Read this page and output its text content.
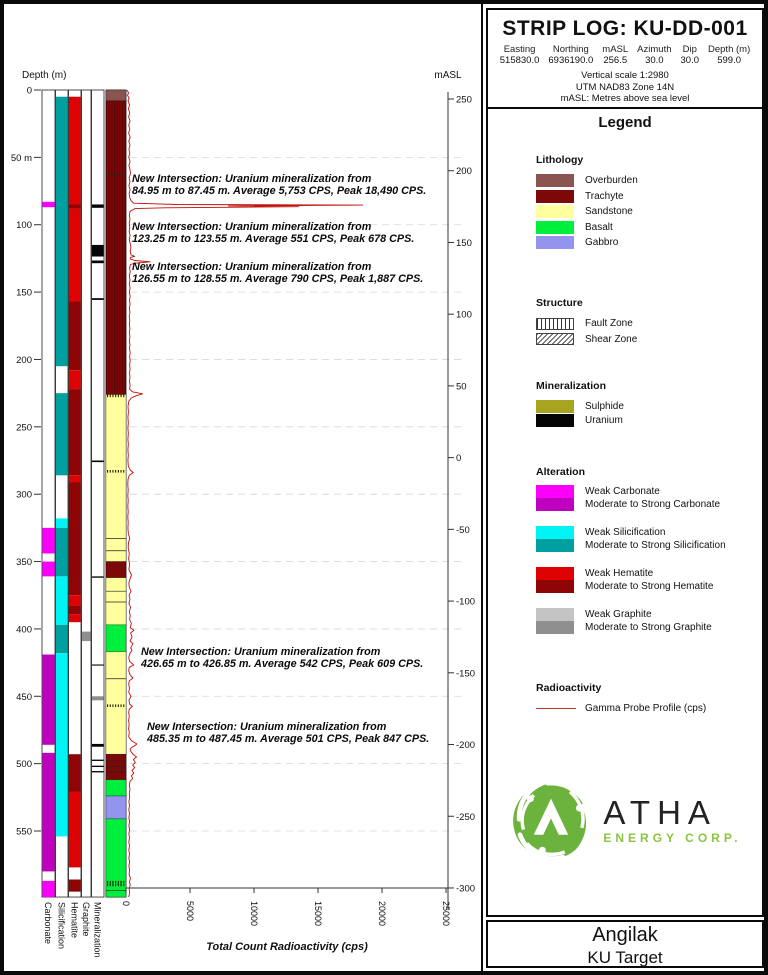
Depth (m)
0
50 m
100
150
200
250
300
350
400
450
500
550
mASL
250
200
150
100
50
0
-50
-100
-150
-200
-250
-300
0	5000	10000	15000	20000	25000
Total Count Radioactivity (cps)
Carbonate Silicification Hematite Graphite Mineralization
New Intersection: Uranium mineralization from 84.95 m to 87.45 m. Average 5,753 CPS, Peak 18,490 CPS.
New Intersection: Uranium mineralization from 123.25 m to 123.55 m. Average 551 CPS, Peak 678 CPS.
New Intersection: Uranium mineralization from 126.55 m to 128.55 m. Average 790 CPS, Peak 1,887 CPS.
New Intersection: Uranium mineralization from 426.65 m to 426.85 m. Average 542 CPS, Peak 609 CPS.
New Intersection: Uranium mineralization from 485.35 m to 487.45 m. Average 501 CPS, Peak 847 CPS.
STRIP LOG: KU-DD-001
Easting
515830.0
Northing
6936190.0
mASL
256.5
Azimuth
30.0
Dip
30.0
Depth (m)
599.0
Vertical scale 1:2980
UTM NAD83 Zone 14N
mASL: Metres above sea level
Legend
Lithology
Overburden
Trachyte
Sandstone
Basalt
Gabbro
Structure
Fault Zone
Shear Zone
Mineralization
Sulphide
Uranium
Alteration
Weak Carbonate
Moderate to Strong Carbonate
Weak Silicification
Moderate to Strong Silicification
Weak Hematite
Moderate to Strong Hematite
Weak Graphite
Moderate to Strong Graphite
Radioactivity
Gamma Probe Profile (cps)
ATHA
ENERGY CORP.
Angilak
KU Target
